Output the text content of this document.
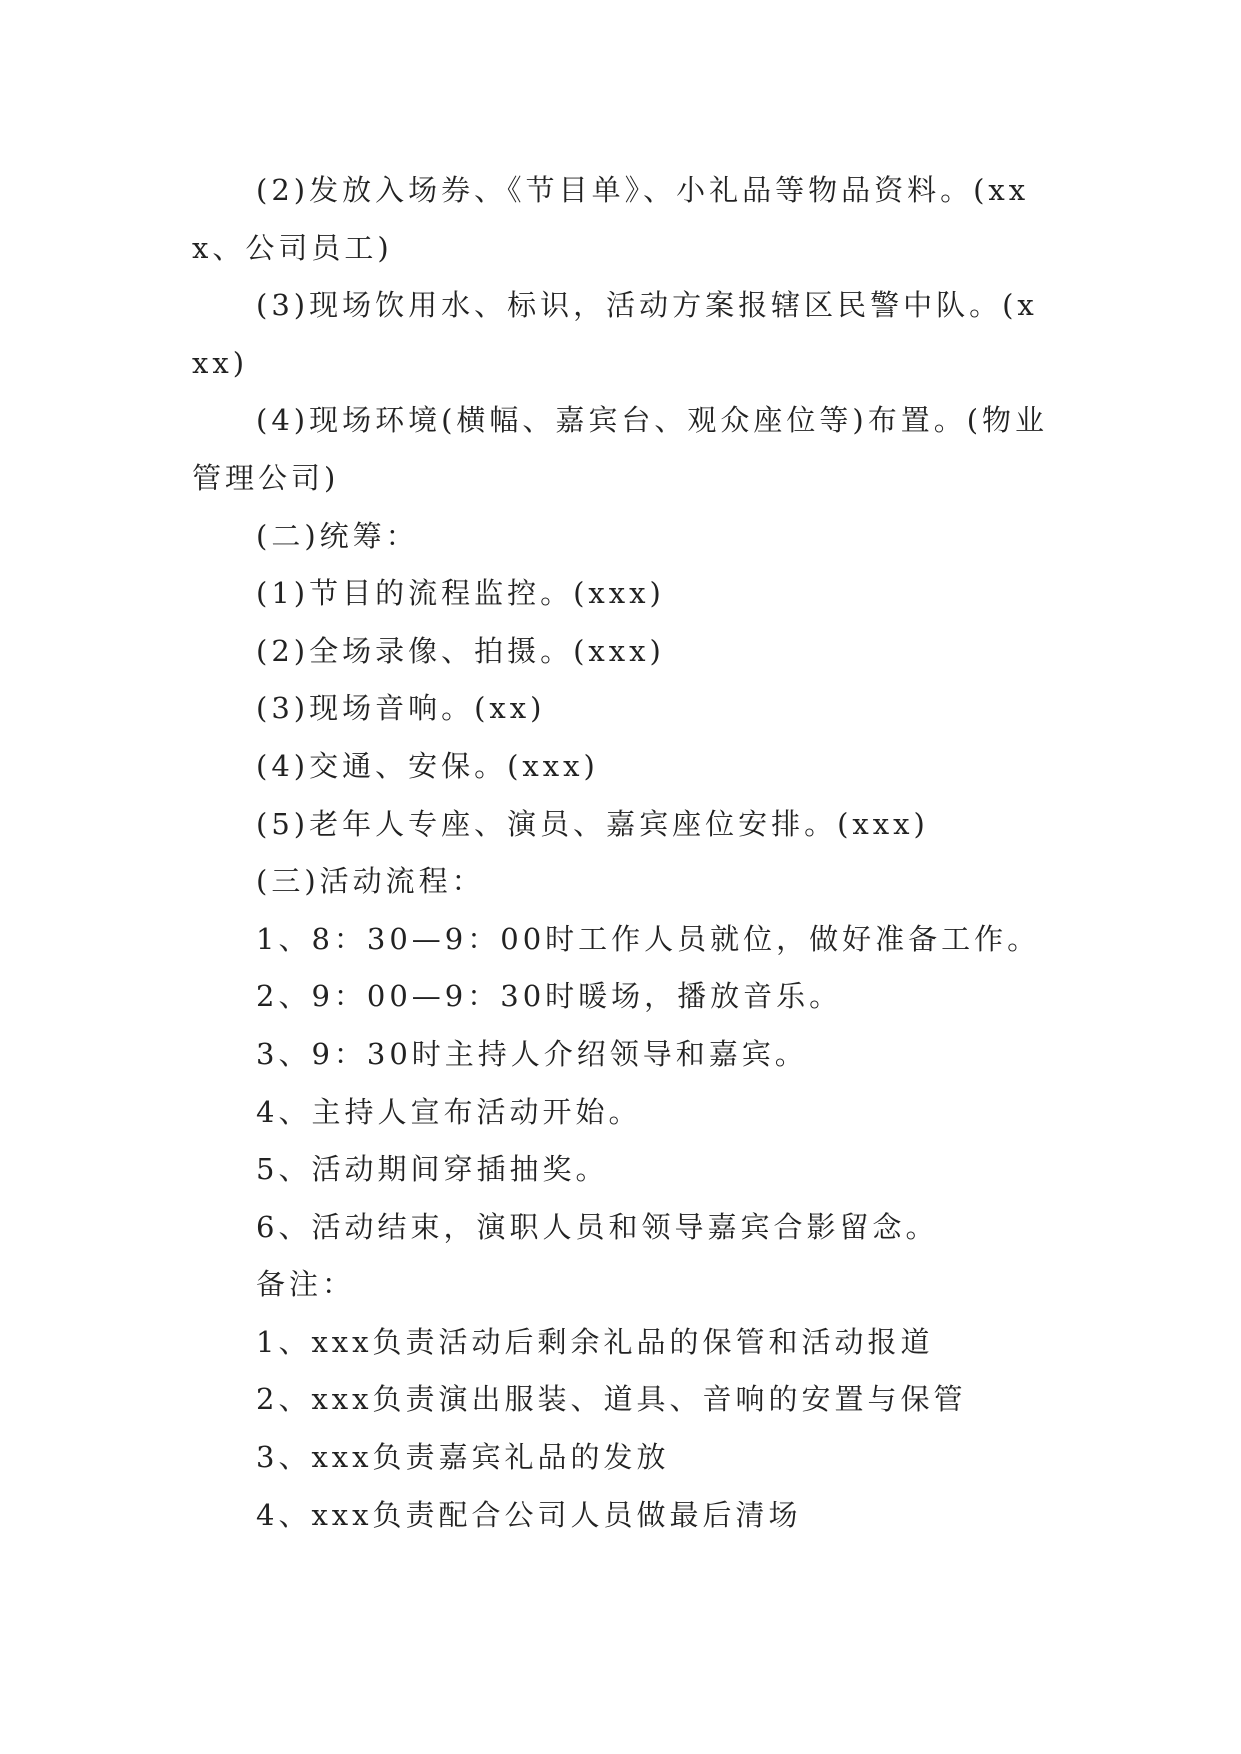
(2)发放入场券、《节目单》、小礼品等物品资料。(xxx、公司员工)

(3)现场饮用水、标识，活动方案报辖区民警中队。(xxx)

(4)现场环境(横幅、嘉宾台、观众座位等)布置。(物业管理公司)

(二)统筹：

(1)节目的流程监控。(xxx)

(2)全场录像、拍摄。(xxx)

(3)现场音响。(xx)

(4)交通、安保。(xxx)

(5)老年人专座、演员、嘉宾座位安排。(xxx)

(三)活动流程：

1、8：30—9：00时工作人员就位，做好准备工作。

2、9：00—9：30时暖场，播放音乐。

3、9：30时主持人介绍领导和嘉宾。

4、主持人宣布活动开始。

5、活动期间穿插抽奖。

6、活动结束，演职人员和领导嘉宾合影留念。

备注：

1、xxx负责活动后剩余礼品的保管和活动报道

2、xxx负责演出服装、道具、音响的安置与保管

3、xxx负责嘉宾礼品的发放

4、xxx负责配合公司人员做最后清场
